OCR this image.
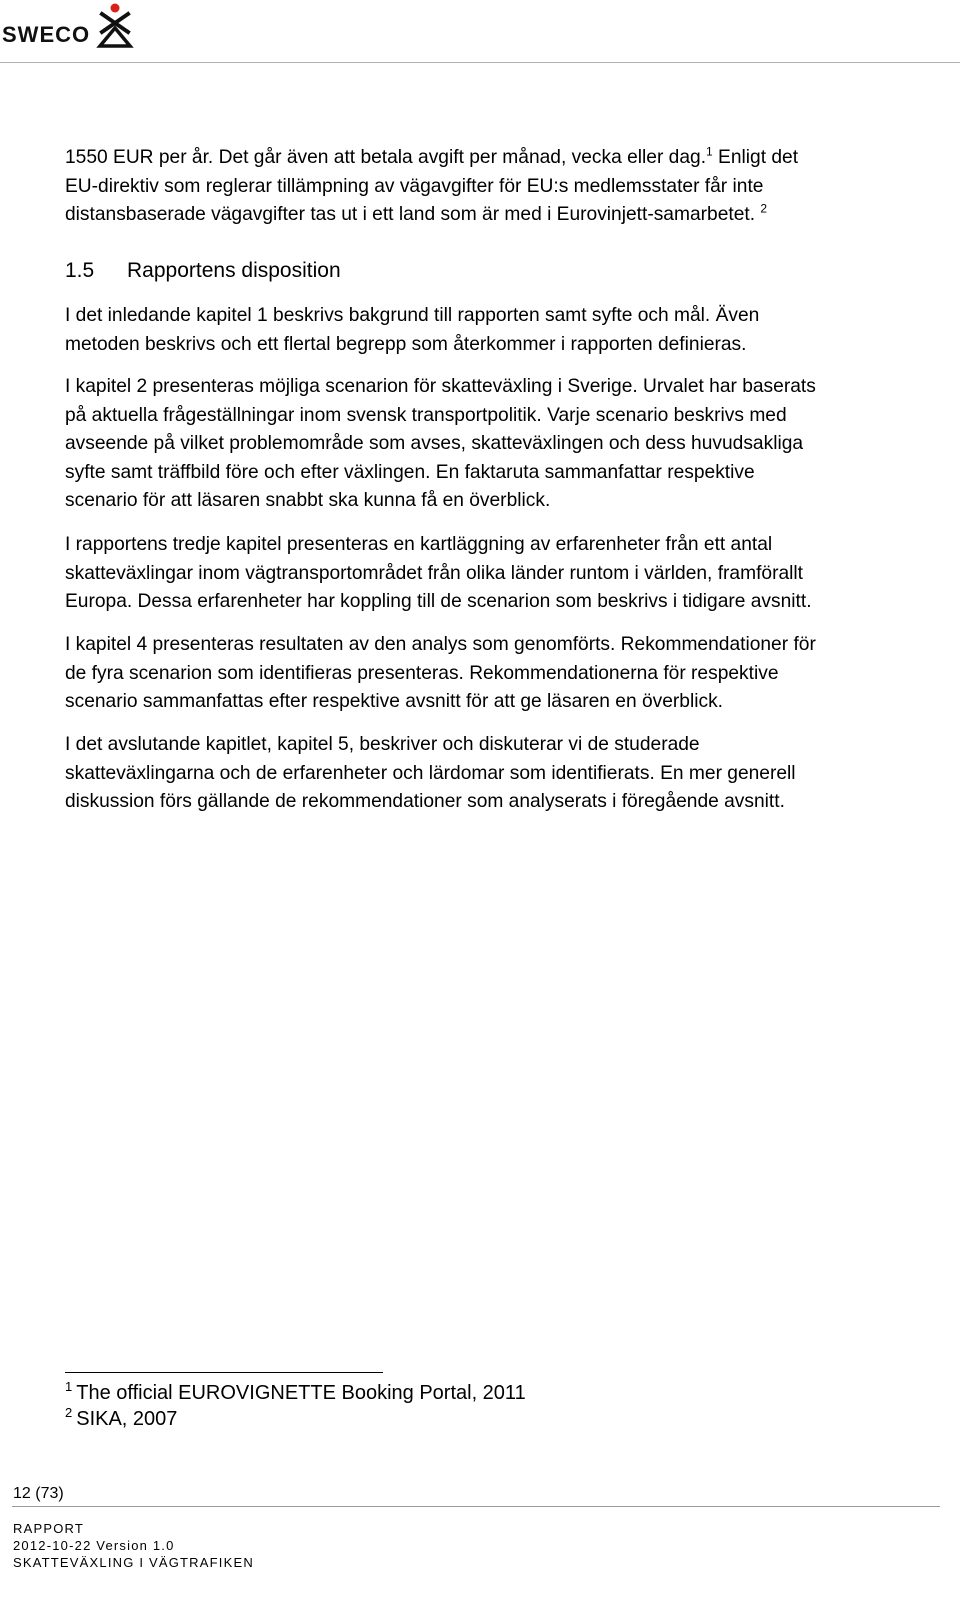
SWECO
1550 EUR per år. Det går även att betala avgift per månad, vecka eller dag.$^1$ Enligt det
EU-direktiv som reglerar tillämpning av vägavgifter för EU:s medlemsstater får inte
distansbaserade vägavgifter tas ut i ett land som är med i Eurovinjett-samarbetet. $^2$
1.5 Rapportens disposition
I det inledande kapitel 1 beskrivs bakgrund till rapporten samt syfte och mål. Även
metoden beskrivs och ett flertal begrepp som återkommer i rapporten definieras.
I kapitel 2 presenteras möjliga scenarion för skatteväxling i Sverige. Urvalet har baserats
på aktuella frågeställningar inom svensk transportpolitik. Varje scenario beskrivs med
avseende på vilket problemområde som avses, skatteväxlingen och dess huvudsakliga
syfte samt träffbild före och efter växlingen. En faktaruta sammanfattar respektive
scenario för att läsaren snabbt ska kunna få en överblick.
I rapportens tredje kapitel presenteras en kartläggning av erfarenheter från ett antal
skatteväxlingar inom vägtransportområdet från olika länder runtom i världen, framförallt
Europa. Dessa erfarenheter har koppling till de scenarion som beskrivs i tidigare avsnitt.
I kapitel 4 presenteras resultaten av den analys som genomförts. Rekommendationer för
de fyra scenarion som identifieras presenteras. Rekommendationerna för respektive
scenario sammanfattas efter respektive avsnitt för att ge läsaren en överblick.
I det avslutande kapitlet, kapitel 5, beskriver och diskuterar vi de studerade
skatteväxlingarna och de erfarenheter och lärdomar som identifierats. En mer generell
diskussion förs gällande de rekommendationer som analyserats i föregående avsnitt.
$^1$ The official EUROVIGNETTE Booking Portal, 2011
$^2$ SIKA, 2007
12 (73)
RAPPORT
2012-10-22 Version 1.0
SKATTEVÄXLING I VÄGTRAFIKEN
